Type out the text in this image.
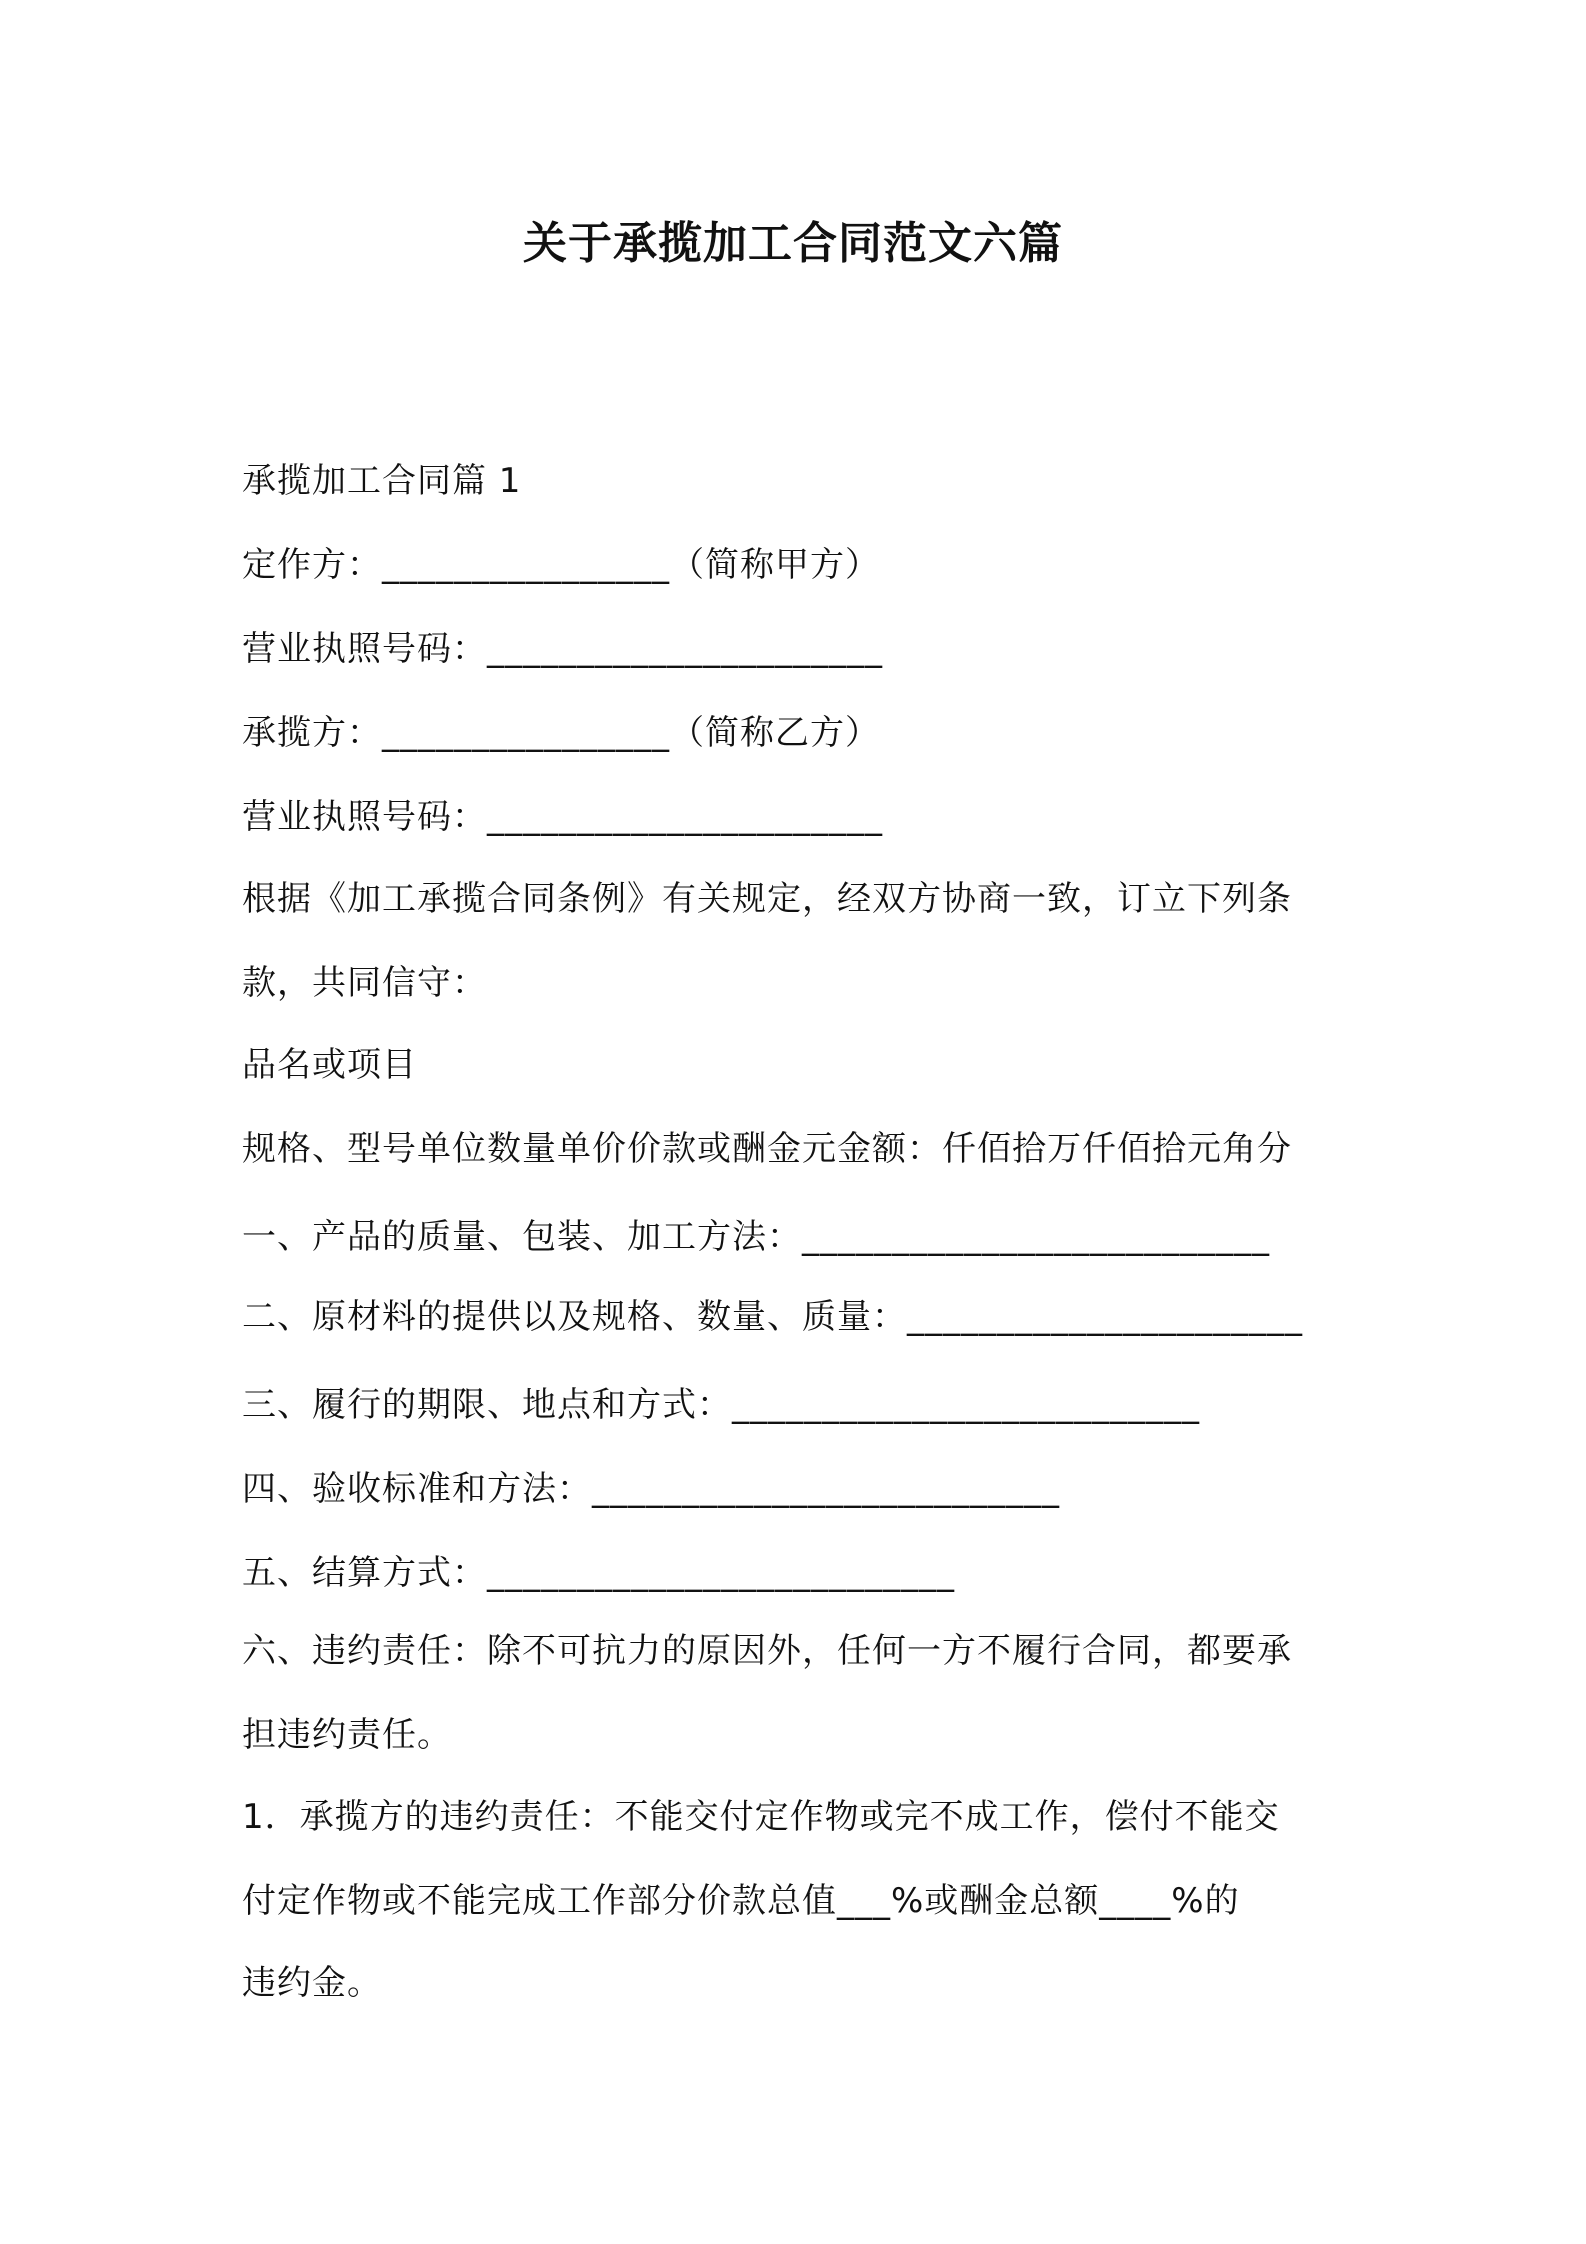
关于承揽加工合同范文六篇
承揽加工合同篇 1
定作方：________________（简称甲方）
营业执照号码：______________________
承揽方：________________（简称乙方）
营业执照号码：______________________
根据《加工承揽合同条例》有关规定，经双方协商一致，订立下列条
款，共同信守：
品名或项目
规格、型号单位数量单价价款或酬金元金额：仟佰拾万仟佰拾元角分
一、产品的质量、包装、加工方法：__________________________
二、原材料的提供以及规格、数量、质量：______________________
三、履行的期限、地点和方式：__________________________
四、验收标准和方法：__________________________
五、结算方式：__________________________
六、违约责任：除不可抗力的原因外，任何一方不履行合同，都要承
担违约责任。
1．承揽方的违约责任：不能交付定作物或完不成工作，偿付不能交
付定作物或不能完成工作部分价款总值___%或酬金总额____%的
违约金。
